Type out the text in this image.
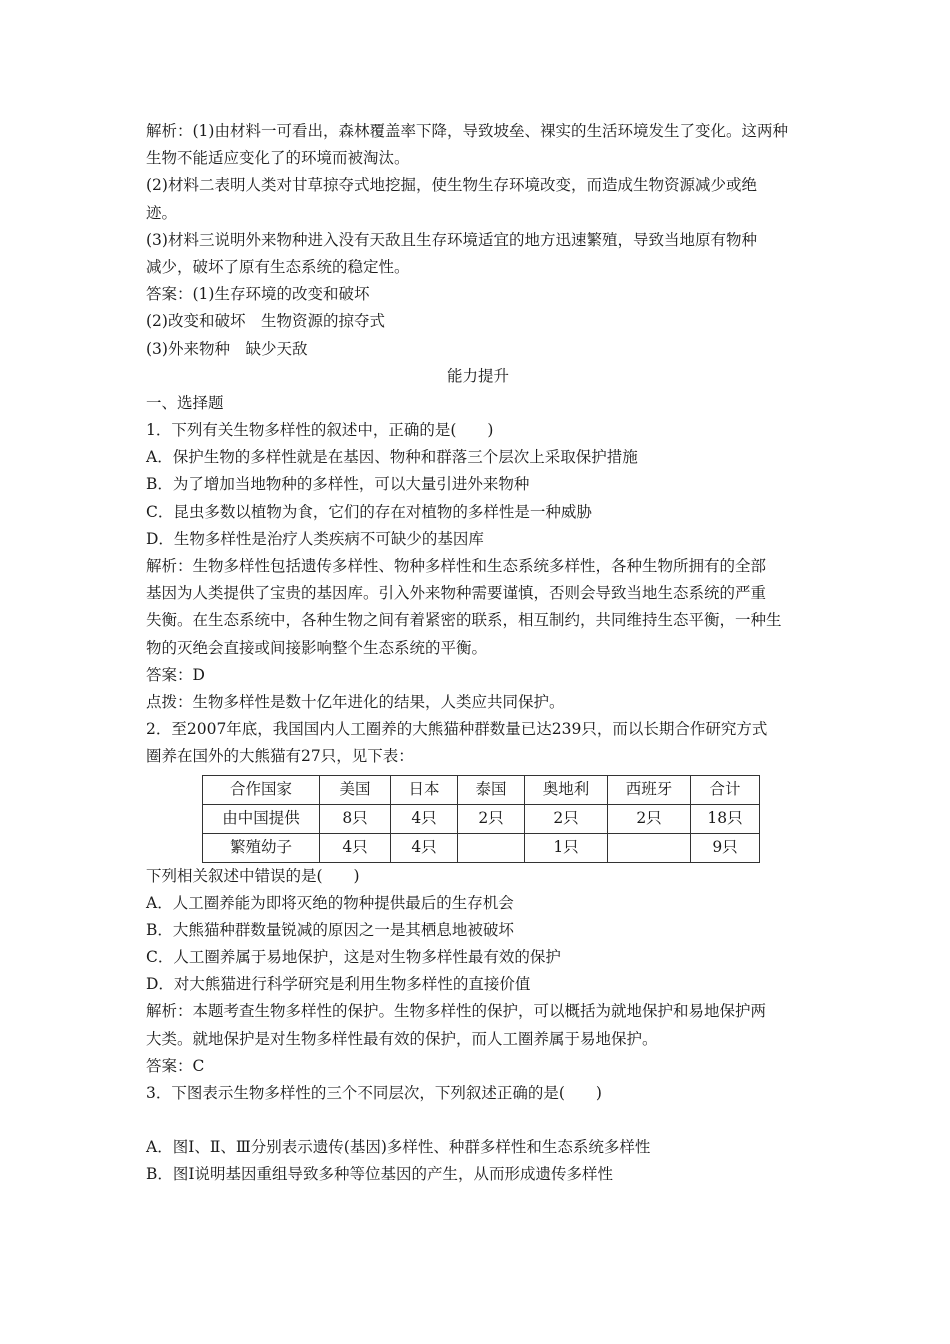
解析：(1)由材料一可看出，森林覆盖率下降，导致坡垒、裸实的生活环境发生了变化。这两种
生物不能适应变化了的环境而被淘汰。
(2)材料二表明人类对甘草掠夺式地挖掘，使生物生存环境改变，而造成生物资源减少或绝
迹。
(3)材料三说明外来物种进入没有天敌且生存环境适宜的地方迅速繁殖，导致当地原有物种
减少，破坏了原有生态系统的稳定性。
答案：(1)生存环境的改变和破坏
(2)改变和破坏　生物资源的掠夺式
(3)外来物种　缺少天敌
能力提升
一、选择题
1．下列有关生物多样性的叙述中，正确的是(　　)
A．保护生物的多样性就是在基因、物种和群落三个层次上采取保护措施
B．为了增加当地物种的多样性，可以大量引进外来物种
C．昆虫多数以植物为食，它们的存在对植物的多样性是一种威胁
D．生物多样性是治疗人类疾病不可缺少的基因库
解析：生物多样性包括遗传多样性、物种多样性和生态系统多样性，各种生物所拥有的全部
基因为人类提供了宝贵的基因库。引入外来物种需要谨慎，否则会导致当地生态系统的严重
失衡。在生态系统中，各种生物之间有着紧密的联系，相互制约，共同维持生态平衡，一种生
物的灭绝会直接或间接影响整个生态系统的平衡。
答案：D
点拨：生物多样性是数十亿年进化的结果，人类应共同保护。
2．至2007年底，我国国内人工圈养的大熊猫种群数量已达239只，而以长期合作研究方式
圈养在国外的大熊猫有27只，见下表：
合作国家	美国	日本	泰国	奥地利	西班牙	合计
由中国提供	8只	4只	2只	2只	2只	18只
繁殖幼子	4只	4只		1只		9只
下列相关叙述中错误的是(　　)
A．人工圈养能为即将灭绝的物种提供最后的生存机会
B．大熊猫种群数量锐减的原因之一是其栖息地被破坏
C．人工圈养属于易地保护，这是对生物多样性最有效的保护
D．对大熊猫进行科学研究是利用生物多样性的直接价值
解析：本题考查生物多样性的保护。生物多样性的保护，可以概括为就地保护和易地保护两
大类。就地保护是对生物多样性最有效的保护，而人工圈养属于易地保护。
答案：C
3．下图表示生物多样性的三个不同层次，下列叙述正确的是(　　)
A．图Ⅰ、Ⅱ、Ⅲ分别表示遗传(基因)多样性、种群多样性和生态系统多样性
B．图Ⅰ说明基因重组导致多种等位基因的产生，从而形成遗传多样性
